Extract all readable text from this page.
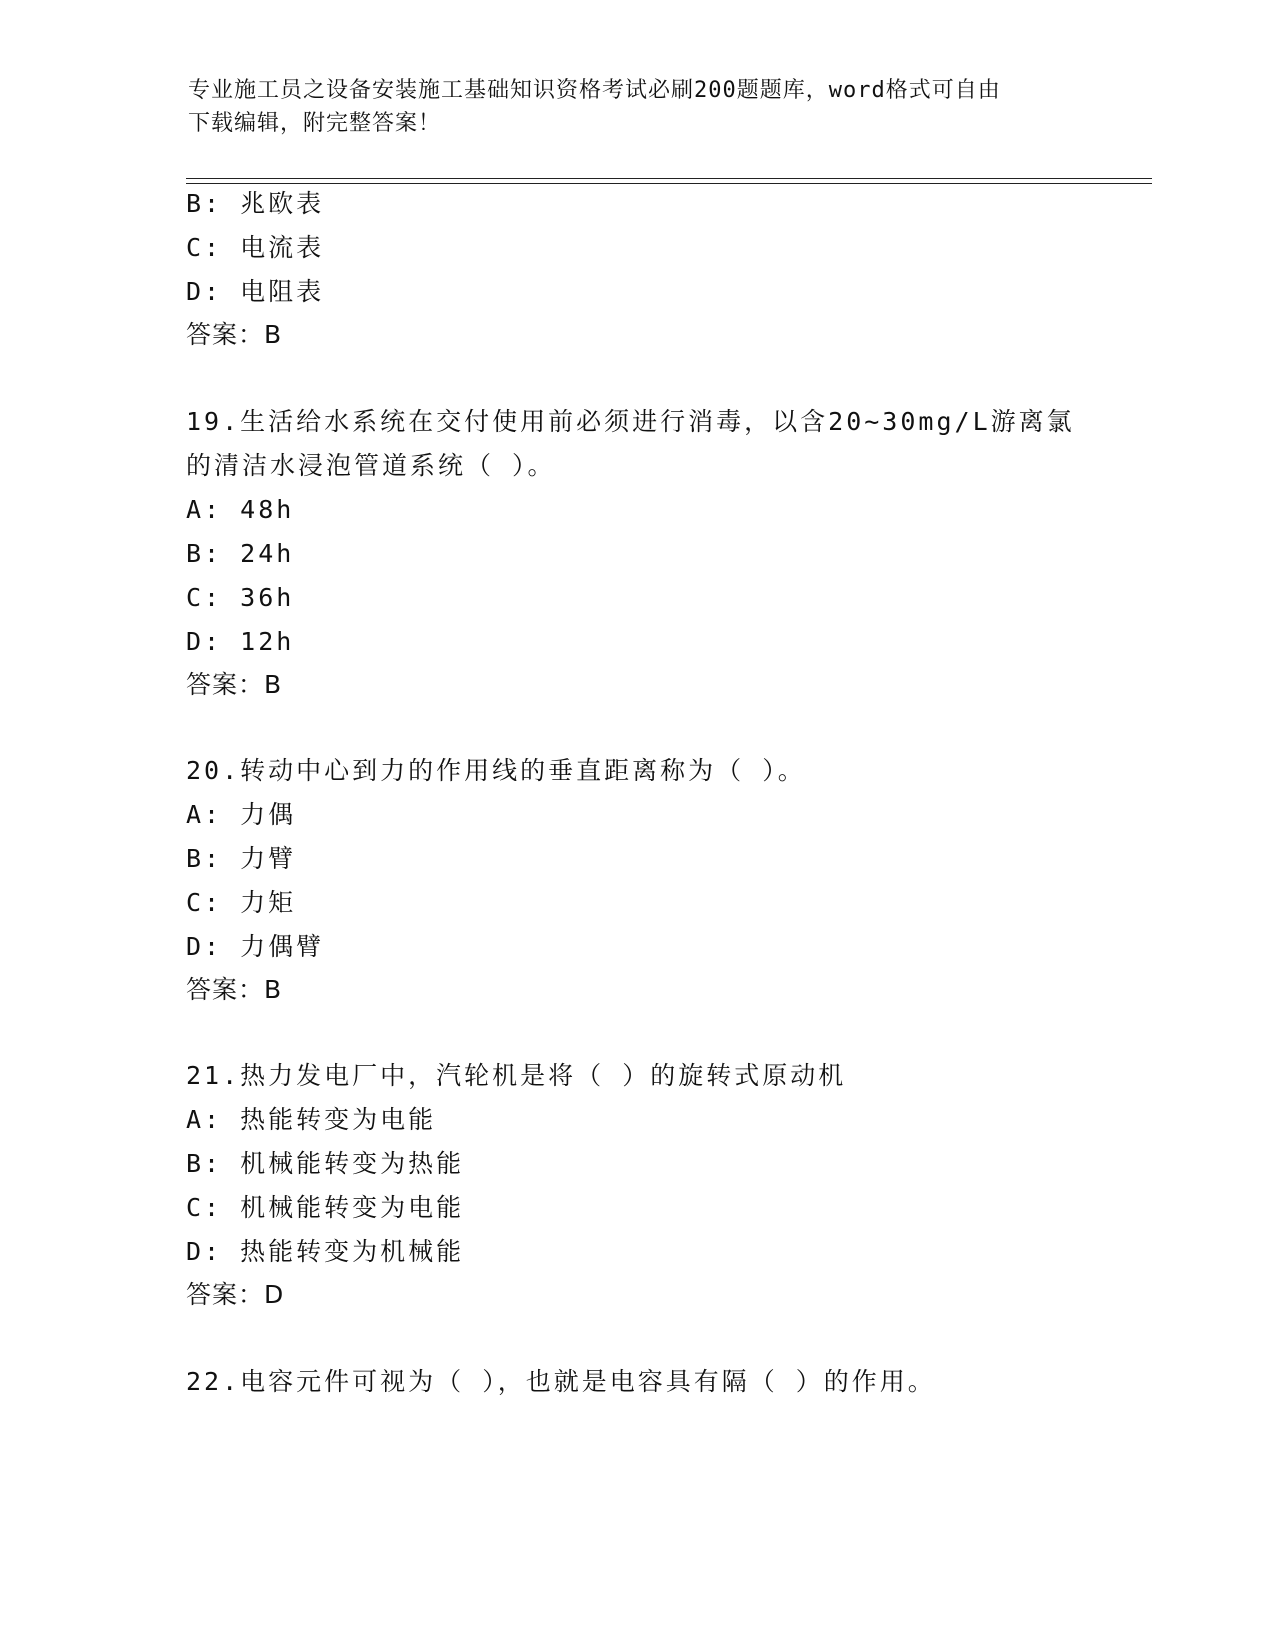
专业施工员之设备安装施工基础知识资格考试必刷200题题库，word格式可自由
下载编辑，附完整答案！
B: 兆欧表
C: 电流表
D: 电阻表
答案：B
19.生活给水系统在交付使用前必须进行消毒，以含20~30mg/L游离氯
的清洁水浸泡管道系统（ ）。
A: 48h
B: 24h
C: 36h
D: 12h
答案：B
20.转动中心到力的作用线的垂直距离称为（ ）。
A: 力偶
B: 力臂
C: 力矩
D: 力偶臂
答案：B
21.热力发电厂中，汽轮机是将（ ）的旋转式原动机
A: 热能转变为电能
B: 机械能转变为热能
C: 机械能转变为电能
D: 热能转变为机械能
答案：D
22.电容元件可视为（ ），也就是电容具有隔（ ）的作用。
